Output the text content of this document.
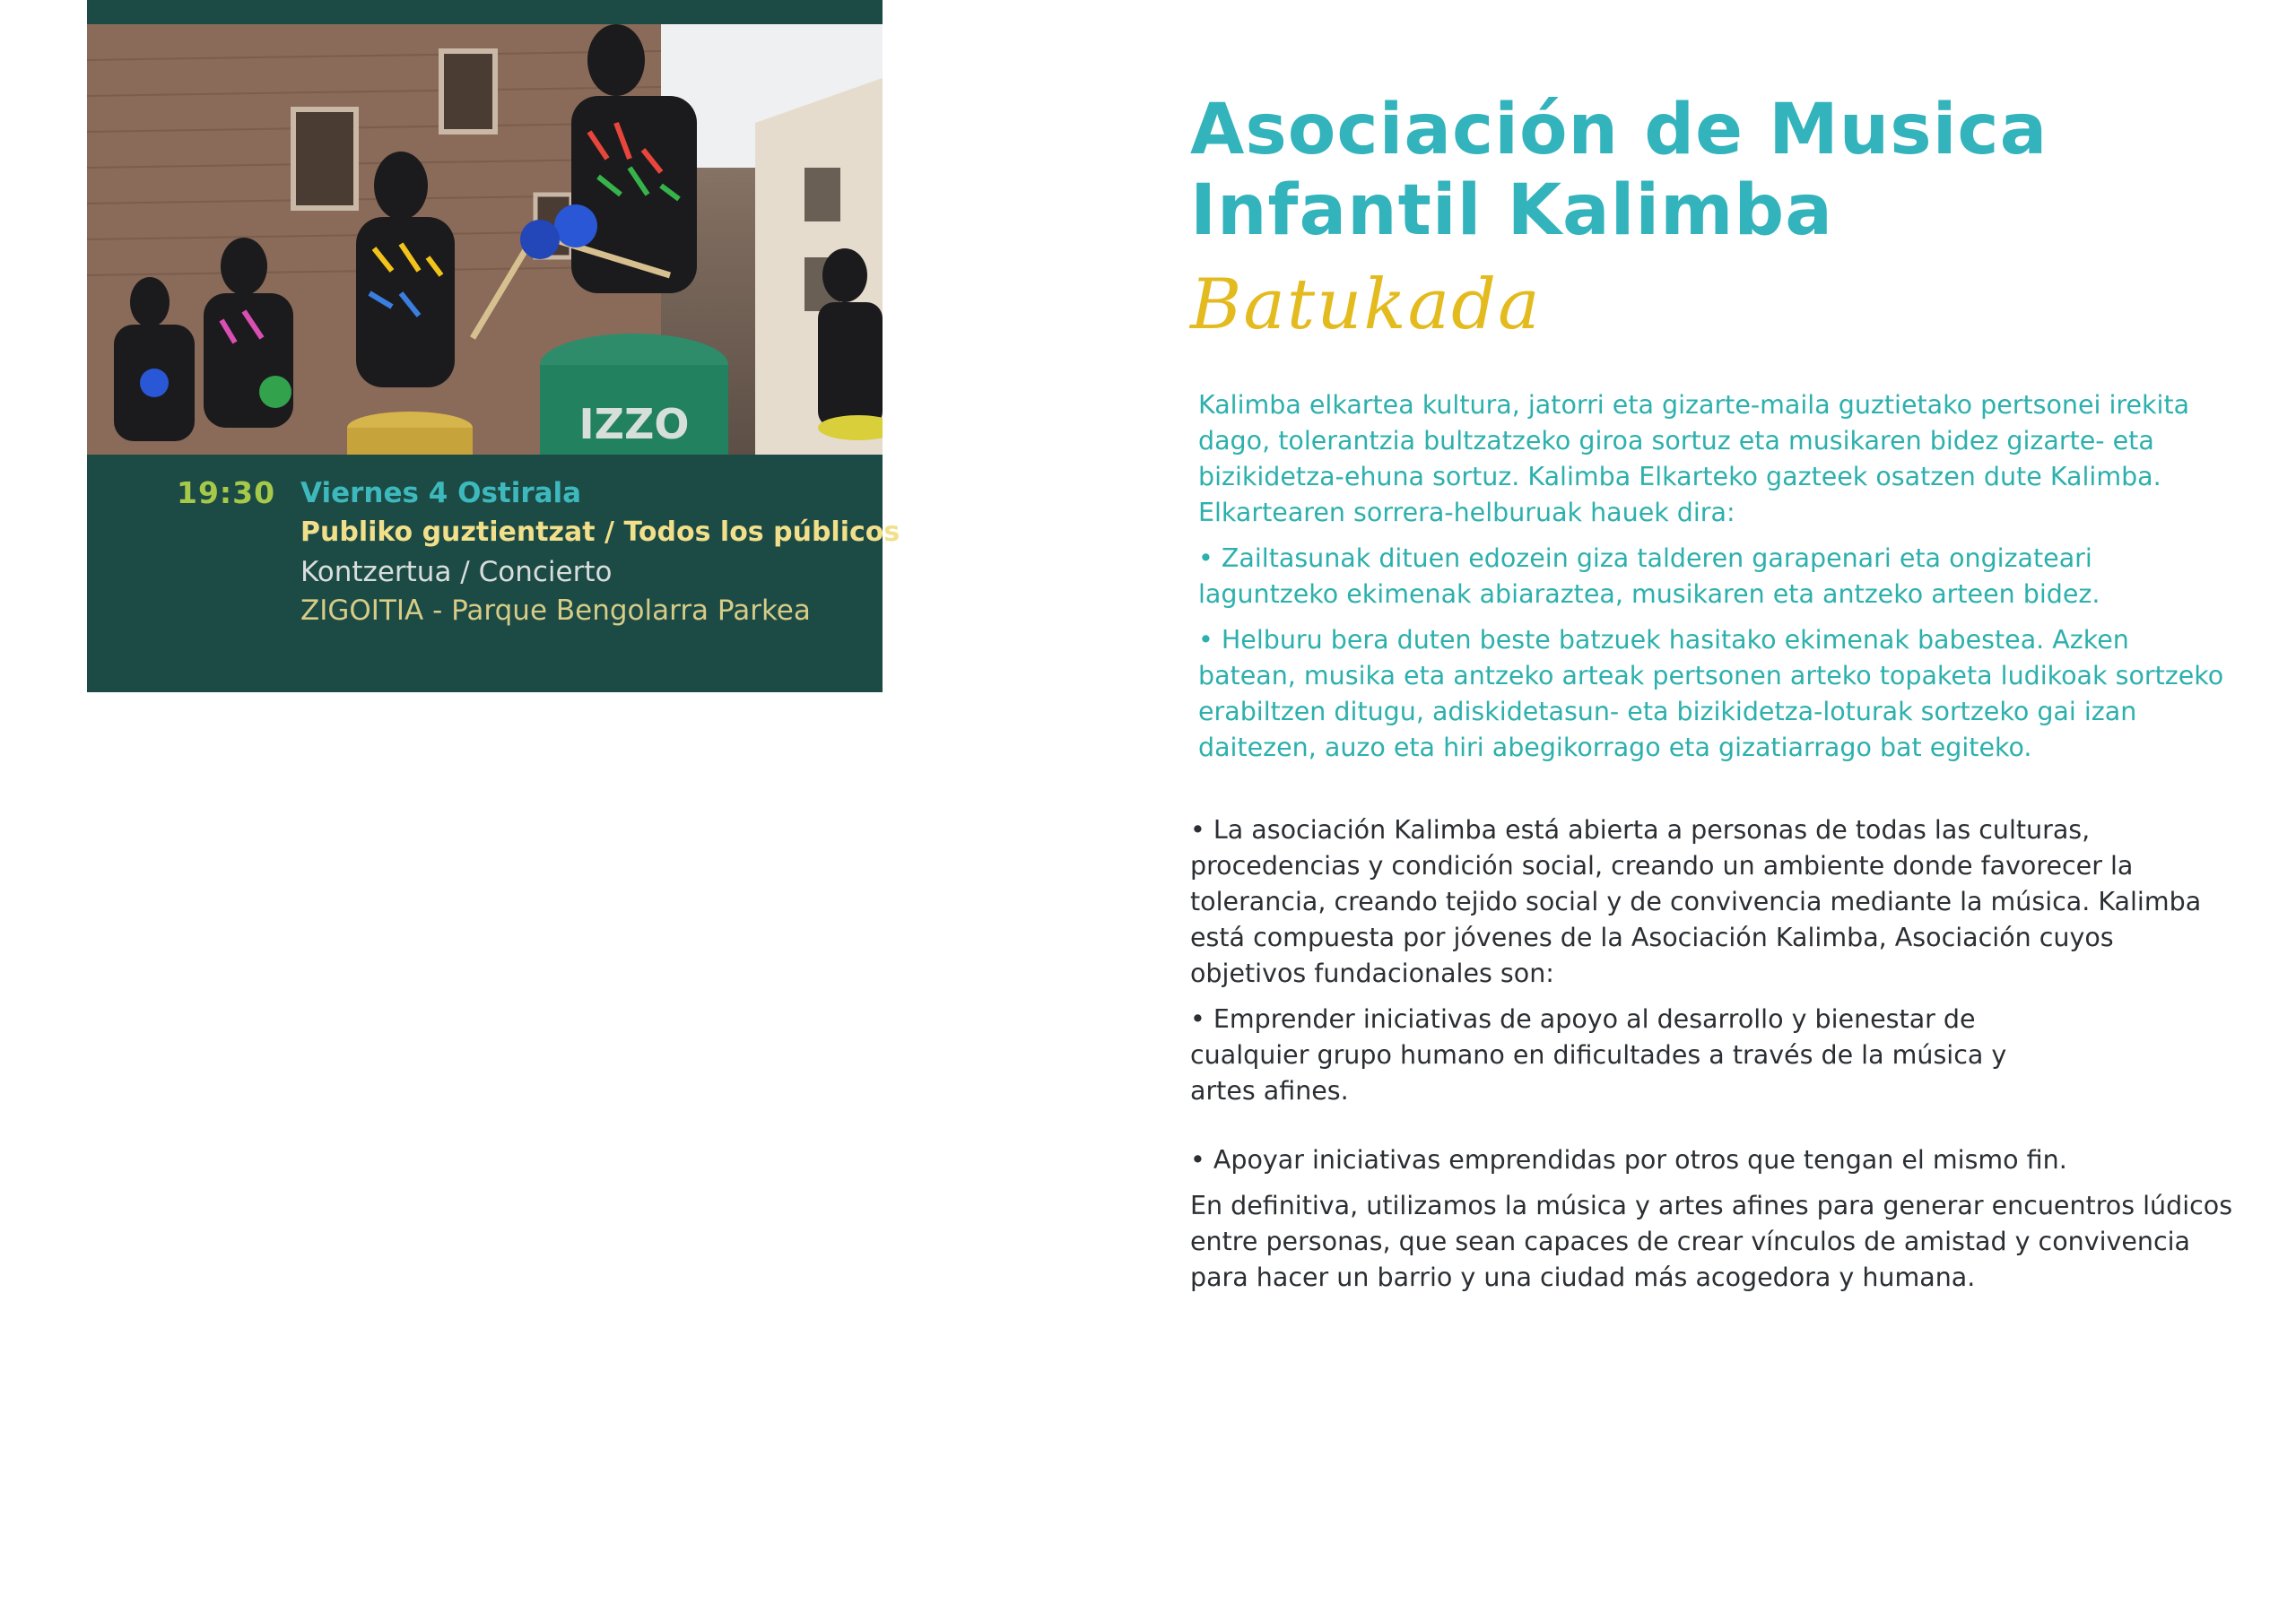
IZZO
19:30 Viernes 4 Ostirala
Publiko guztientzat / Todos los públicos
Kontzertua / Concierto
ZIGOITIA - Parque Bengolarra Parkea
Asociación de Musica
Infantil Kalimba
Batukada

Kalimba elkartea kultura, jatorri eta gizarte-maila guztietako pertsonei irekita dago, tolerantzia bultzatzeko giroa sortuz eta musikaren bidez gizarte- eta bizikidetza-ehuna sortuz. Kalimba Elkarteko gazteek osatzen dute Kalimba. Elkartearen sorrera-helburuak hauek dira:

• Zailtasunak dituen edozein giza talderen garapenari eta ongizateari laguntzeko ekimenak abiaraztea, musikaren eta antzeko arteen bidez.

• Helburu bera duten beste batzuek hasitako ekimenak babestea. Azken batean, musika eta antzeko arteak pertsonen arteko topaketa ludikoak sortzeko erabiltzen ditugu, adiskidetasun- eta bizikidetza-loturak sortzeko gai izan daitezen, auzo eta hiri abegikorrago eta gizatiarrago bat egiteko.

• La asociación Kalimba está abierta a personas de todas las culturas, procedencias y condición social, creando un ambiente donde favorecer la tolerancia, creando tejido social y de convivencia mediante la música. Kalimba está compuesta por jóvenes de la Asociación Kalimba, Asociación cuyos objetivos fundacionales son:

• Emprender iniciativas de apoyo al desarrollo y bienestar de cualquier grupo humano en dificultades a través de la música y artes afines.

• Apoyar iniciativas emprendidas por otros que tengan el mismo fin.

En definitiva, utilizamos la música y artes afines para generar encuentros lúdicos entre personas, que sean capaces de crear vínculos de amistad y convivencia para hacer un barrio y una ciudad más acogedora y humana.
